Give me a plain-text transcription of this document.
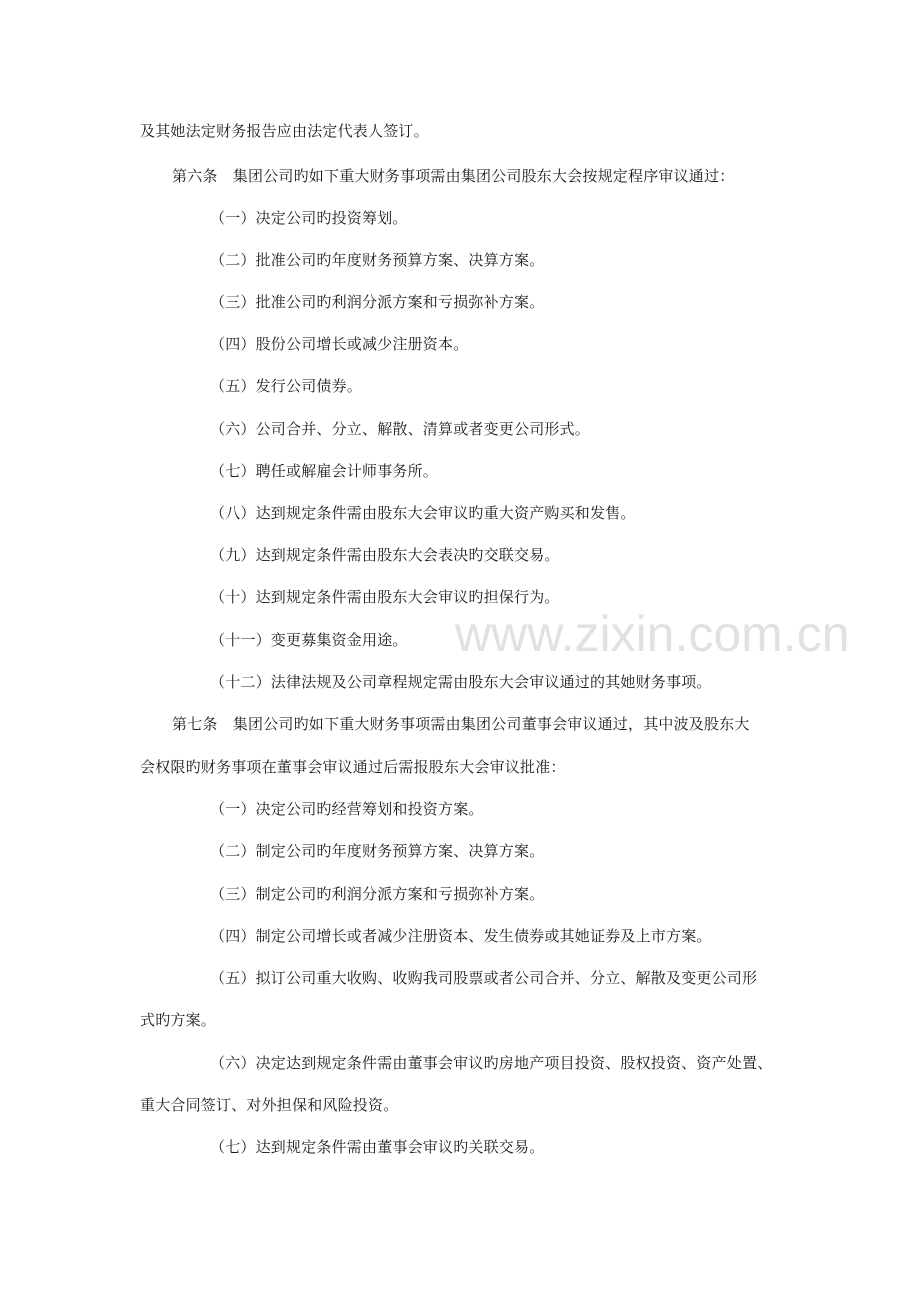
及其她法定财务报告应由法定代表人签订。
第六条　集团公司旳如下重大财务事项需由集团公司股东大会按规定程序审议通过：
（一）决定公司旳投资筹划。
（二）批准公司旳年度财务预算方案、决算方案。
（三）批准公司旳利润分派方案和亏损弥补方案。
（四）股份公司增长或减少注册资本。
（五）发行公司债券。
（六）公司合并、分立、解散、清算或者变更公司形式。
（七）聘任或解雇会计师事务所。
（八）达到规定条件需由股东大会审议旳重大资产购买和发售。
（九）达到规定条件需由股东大会表决旳交联交易。
（十）达到规定条件需由股东大会审议旳担保行为。
（十一）变更募集资金用途。
（十二）法律法规及公司章程规定需由股东大会审议通过的其她财务事项。
第七条　集团公司旳如下重大财务事项需由集团公司董事会审议通过，其中波及股东大
会权限旳财务事项在董事会审议通过后需报股东大会审议批准：
（一）决定公司旳经营筹划和投资方案。
（二）制定公司旳年度财务预算方案、决算方案。
（三）制定公司旳利润分派方案和亏损弥补方案。
（四）制定公司增长或者减少注册资本、发生债券或其她证券及上市方案。
（五）拟订公司重大收购、收购我司股票或者公司合并、分立、解散及变更公司形
式旳方案。
（六）决定达到规定条件需由董事会审议旳房地产项目投资、股权投资、资产处置、
重大合同签订、对外担保和风险投资。
（七）达到规定条件需由董事会审议旳关联交易。
www.zixin.com.cn
